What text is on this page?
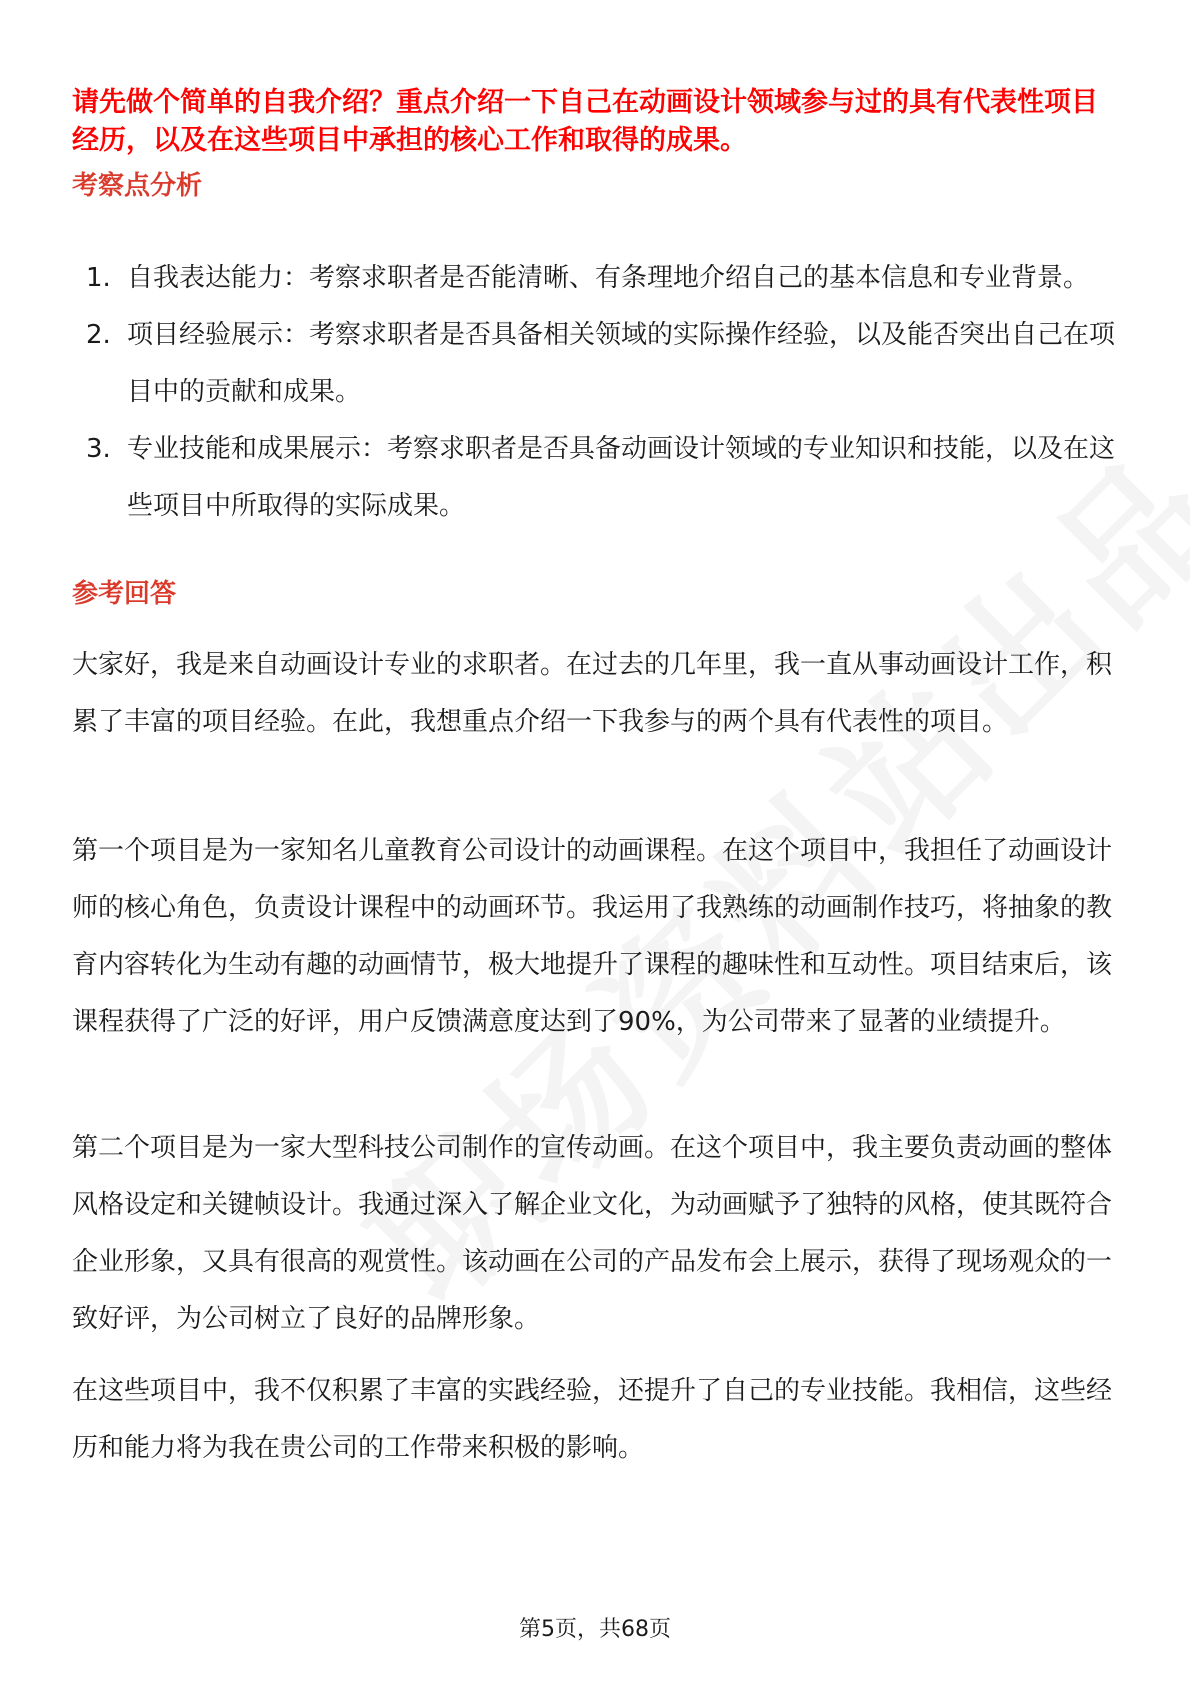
请先做个简单的自我介绍？重点介绍一下自己在动画设计领域参与过的具有代表性项目经历，以及在这些项目中承担的核心工作和取得的成果。
考察点分析
1. 自我表达能力：考察求职者是否能清晰、有条理地介绍自己的基本信息和专业背景。
2. 项目经验展示：考察求职者是否具备相关领域的实际操作经验，以及能否突出自己在项目中的贡献和成果。
3. 专业技能和成果展示：考察求职者是否具备动画设计领域的专业知识和技能，以及在这些项目中所取得的实际成果。
参考回答

大家好，我是来自动画设计专业的求职者。在过去的几年里，我一直从事动画设计工作，积累了丰富的项目经验。在此，我想重点介绍一下我参与的两个具有代表性的项目。

第一个项目是为一家知名儿童教育公司设计的动画课程。在这个项目中，我担任了动画设计师的核心角色，负责设计课程中的动画环节。我运用了我熟练的动画制作技巧，将抽象的教育内容转化为生动有趣的动画情节，极大地提升了课程的趣味性和互动性。项目结束后，该课程获得了广泛的好评，用户反馈满意度达到了90%，为公司带来了显著的业绩提升。

第二个项目是为一家大型科技公司制作的宣传动画。在这个项目中，我主要负责动画的整体风格设定和关键帧设计。我通过深入了解企业文化，为动画赋予了独特的风格，使其既符合企业形象，又具有很高的观赏性。该动画在公司的产品发布会上展示，获得了现场观众的一致好评，为公司树立了良好的品牌形象。

在这些项目中，我不仅积累了丰富的实践经验，还提升了自己的专业技能。我相信，这些经历和能力将为我在贵公司的工作带来积极的影响。

第5页，共68页
